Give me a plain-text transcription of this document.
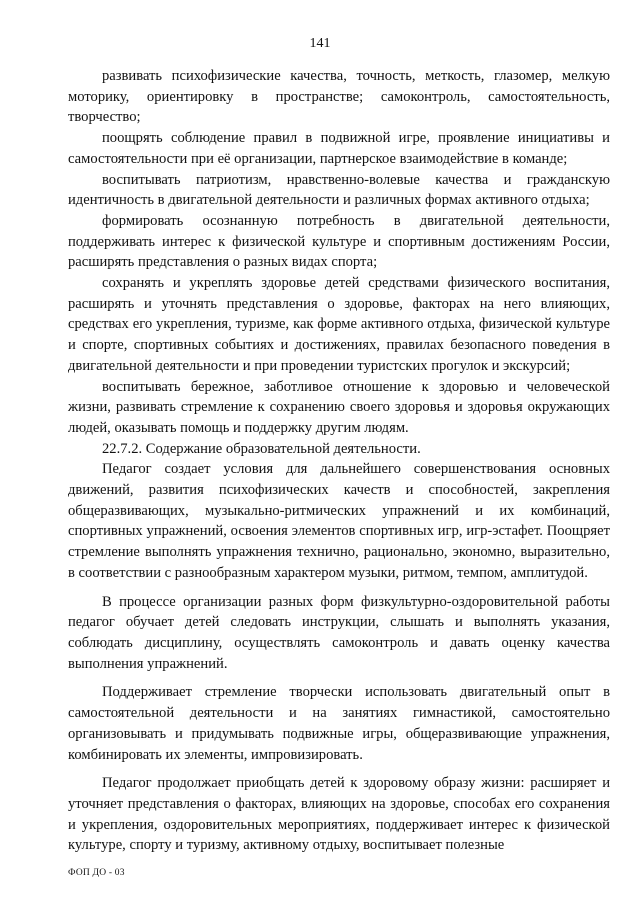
141

развивать психофизические качества, точность, меткость, глазомер, мелкую моторику, ориентировку в пространстве; самоконтроль, самостоятельность, творчество;

поощрять соблюдение правил в подвижной игре, проявление инициативы и самостоятельности при её организации, партнерское взаимодействие в команде;

воспитывать патриотизм, нравственно-волевые качества и гражданскую идентичность в двигательной деятельности и различных формах активного отдыха;

формировать осознанную потребность в двигательной деятельности, поддерживать интерес к физической культуре и спортивным достижениям России, расширять представления о разных видах спорта;

сохранять и укреплять здоровье детей средствами физического воспитания, расширять и уточнять представления о здоровье, факторах на него влияющих, средствах его укрепления, туризме, как форме активного отдыха, физической культуре и спорте, спортивных событиях и достижениях, правилах безопасного поведения в двигательной деятельности и при проведении туристских прогулок и экскурсий;

воспитывать бережное, заботливое отношение к здоровью и человеческой жизни, развивать стремление к сохранению своего здоровья и здоровья окружающих людей, оказывать помощь и поддержку другим людям.

22.7.2. Содержание образовательной деятельности.

Педагог создает условия для дальнейшего совершенствования основных движений, развития психофизических качеств и способностей, закрепления общеразвивающих, музыкально-ритмических упражнений и их комбинаций, спортивных упражнений, освоения элементов спортивных игр, игр-эстафет. Поощряет стремление выполнять упражнения технично, рационально, экономно, выразительно, в соответствии с разнообразным характером музыки, ритмом, темпом, амплитудой.

В процессе организации разных форм физкультурно-оздоровительной работы педагог обучает детей следовать инструкции, слышать и выполнять указания, соблюдать дисциплину, осуществлять самоконтроль и давать оценку качества выполнения упражнений.

Поддерживает стремление творчески использовать двигательный опыт в самостоятельной деятельности и на занятиях гимнастикой, самостоятельно организовывать и придумывать подвижные игры, общеразвивающие упражнения, комбинировать их элементы, импровизировать.

Педагог продолжает приобщать детей к здоровому образу жизни: расширяет и уточняет представления о факторах, влияющих на здоровье, способах его сохранения и укрепления, оздоровительных мероприятиях, поддерживает интерес к физической культуре, спорту и туризму, активному отдыху, воспитывает полезные

ФОП ДО - 03
